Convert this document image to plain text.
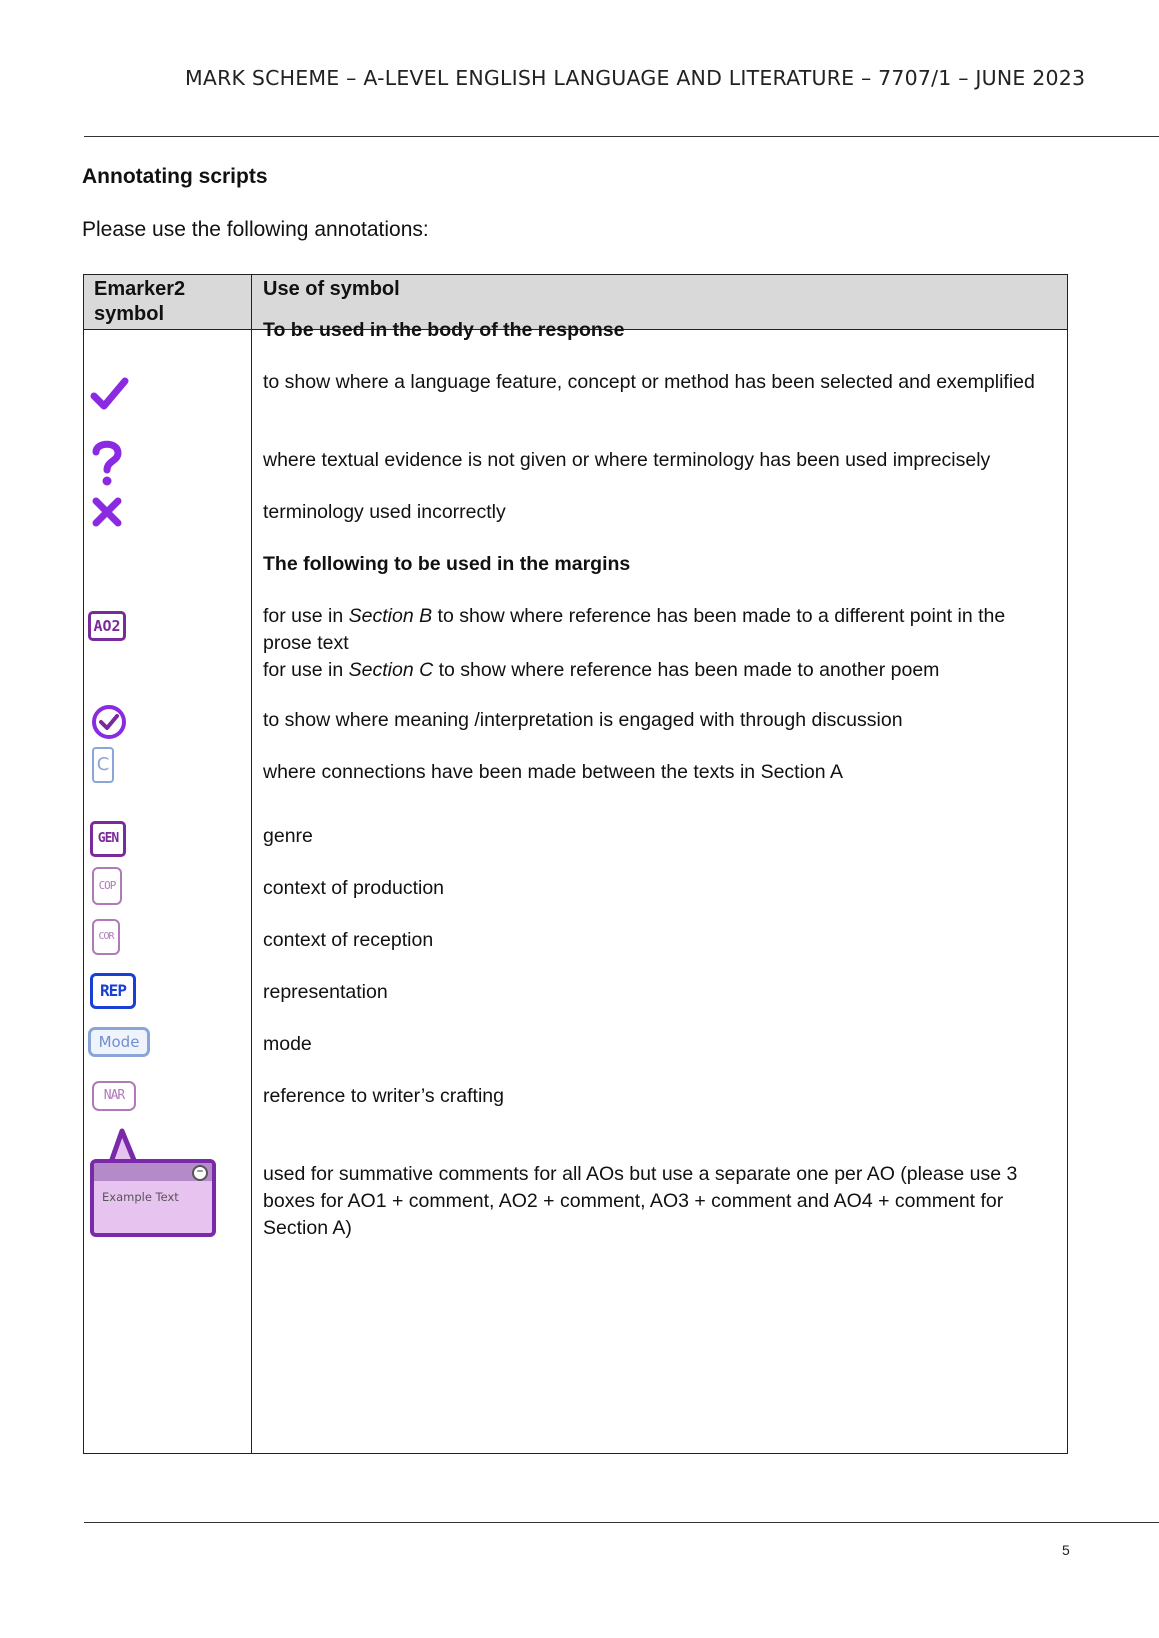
MARK SCHEME – A-LEVEL ENGLISH LANGUAGE AND LITERATURE – 7707/1 – JUNE 2023
Annotating scripts
Please use the following annotations:
Emarker2 symbol
Use of symbol
To be used in the body of the response
to show where a language feature, concept or method has been selected and exemplified
where textual evidence is not given or where terminology has been used imprecisely
terminology used incorrectly
The following to be used in the margins
for use in Section B to show where reference has been made to a different point in the prose text
for use in Section C to show where reference has been made to another poem
to show where meaning /interpretation is engaged with through discussion
where connections have been made between the texts in Section A
genre
context of production
context of reception
representation
mode
reference to writer’s crafting
used for summative comments for all AOs but use a separate one per AO (please use 3 boxes for AO1 + comment, AO2 + comment, AO3 + comment and AO4 + comment for Section A)
AO2
C
GEN
COP
COR
REP
Mode
NAR
–
Example Text
5
